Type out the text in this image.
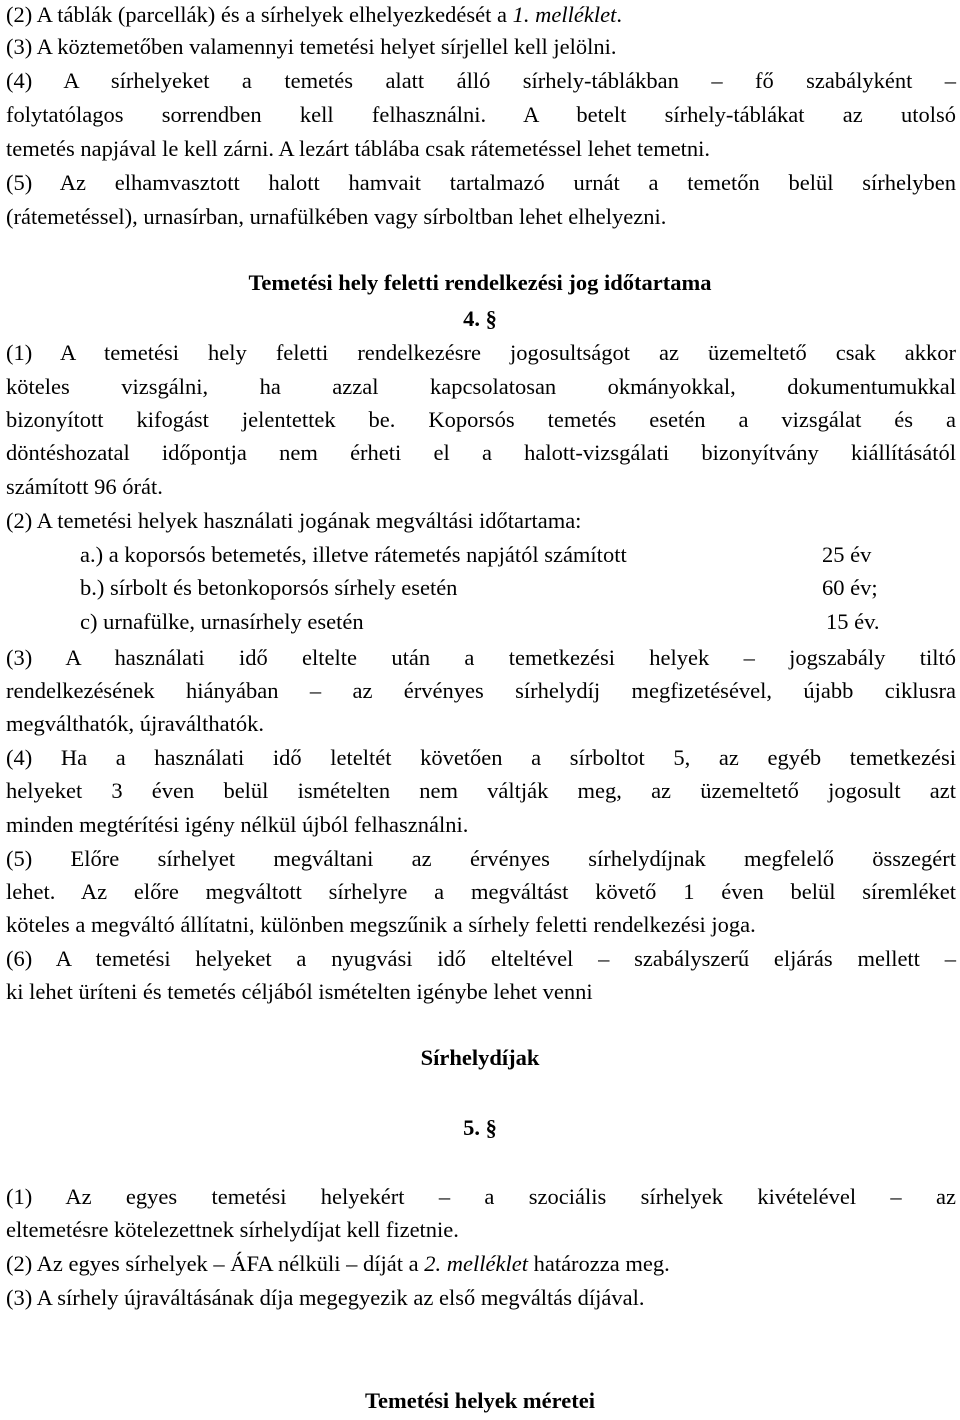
(2) A táblák (parcellák) és a sírhelyek elhelyezkedését a 1. melléklet.
(3) A köztemetőben valamennyi temetési helyet sírjellel kell jelölni.
(4) A sírhelyeket a temetés alatt álló sírhely-táblákban – fő szabályként –
folytatólagos sorrendben kell felhasználni. A betelt sírhely-táblákat az utolsó
temetés napjával le kell zárni. A lezárt táblába csak rátemetéssel lehet temetni.
(5) Az elhamvasztott halott hamvait tartalmazó urnát a temetőn belül sírhelyben
(rátemetéssel), urnasírban, urnafülkében vagy sírboltban lehet elhelyezni.
Temetési hely feletti rendelkezési jog időtartama
4. §
(1) A temetési hely feletti rendelkezésre jogosultságot az üzemeltető csak akkor
köteles vizsgálni, ha azzal kapcsolatosan okmányokkal, dokumentumukkal
bizonyított kifogást jelentettek be. Koporsós temetés esetén a vizsgálat és a
döntéshozatal időpontja nem érheti el a halott-vizsgálati bizonyítvány kiállításától
számított 96 órát.
(2) A temetési helyek használati jogának megváltási időtartama:
a.) a koporsós betemetés, illetve rátemetés napjától számított	25 év
b.) sírbolt és betonkoporsós sírhely esetén	60 év;
c) urnafülke, urnasírhely esetén	15 év.
(3) A használati idő eltelte után a temetkezési helyek – jogszabály tiltó
rendelkezésének hiányában – az érvényes sírhelydíj megfizetésével, újabb ciklusra
megválthatók, újraválthatók.
(4) Ha a használati idő leteltét követően a sírboltot 5, az egyéb temetkezési
helyeket 3 éven belül ismételten nem váltják meg, az üzemeltető jogosult azt
minden megtérítési igény nélkül újból felhasználni.
(5) Előre sírhelyet megváltani az érvényes sírhelydíjnak megfelelő összegért
lehet. Az előre megváltott sírhelyre a megváltást követő 1 éven belül síremléket
köteles a megváltó állítatni, különben megszűnik a sírhely feletti rendelkezési joga.
(6) A temetési helyeket a nyugvási idő elteltével – szabályszerű eljárás mellett –
ki lehet üríteni és temetés céljából ismételten igénybe lehet venni
Sírhelydíjak
5. §
(1) Az egyes temetési helyekért – a szociális sírhelyek kivételével – az
eltemetésre kötelezettnek sírhelydíjat kell fizetnie.
(2) Az egyes sírhelyek – ÁFA nélküli – díját a 2. melléklet határozza meg.
(3) A sírhely újraváltásának díja megegyezik az első megváltás díjával.
Temetési helyek méretei
